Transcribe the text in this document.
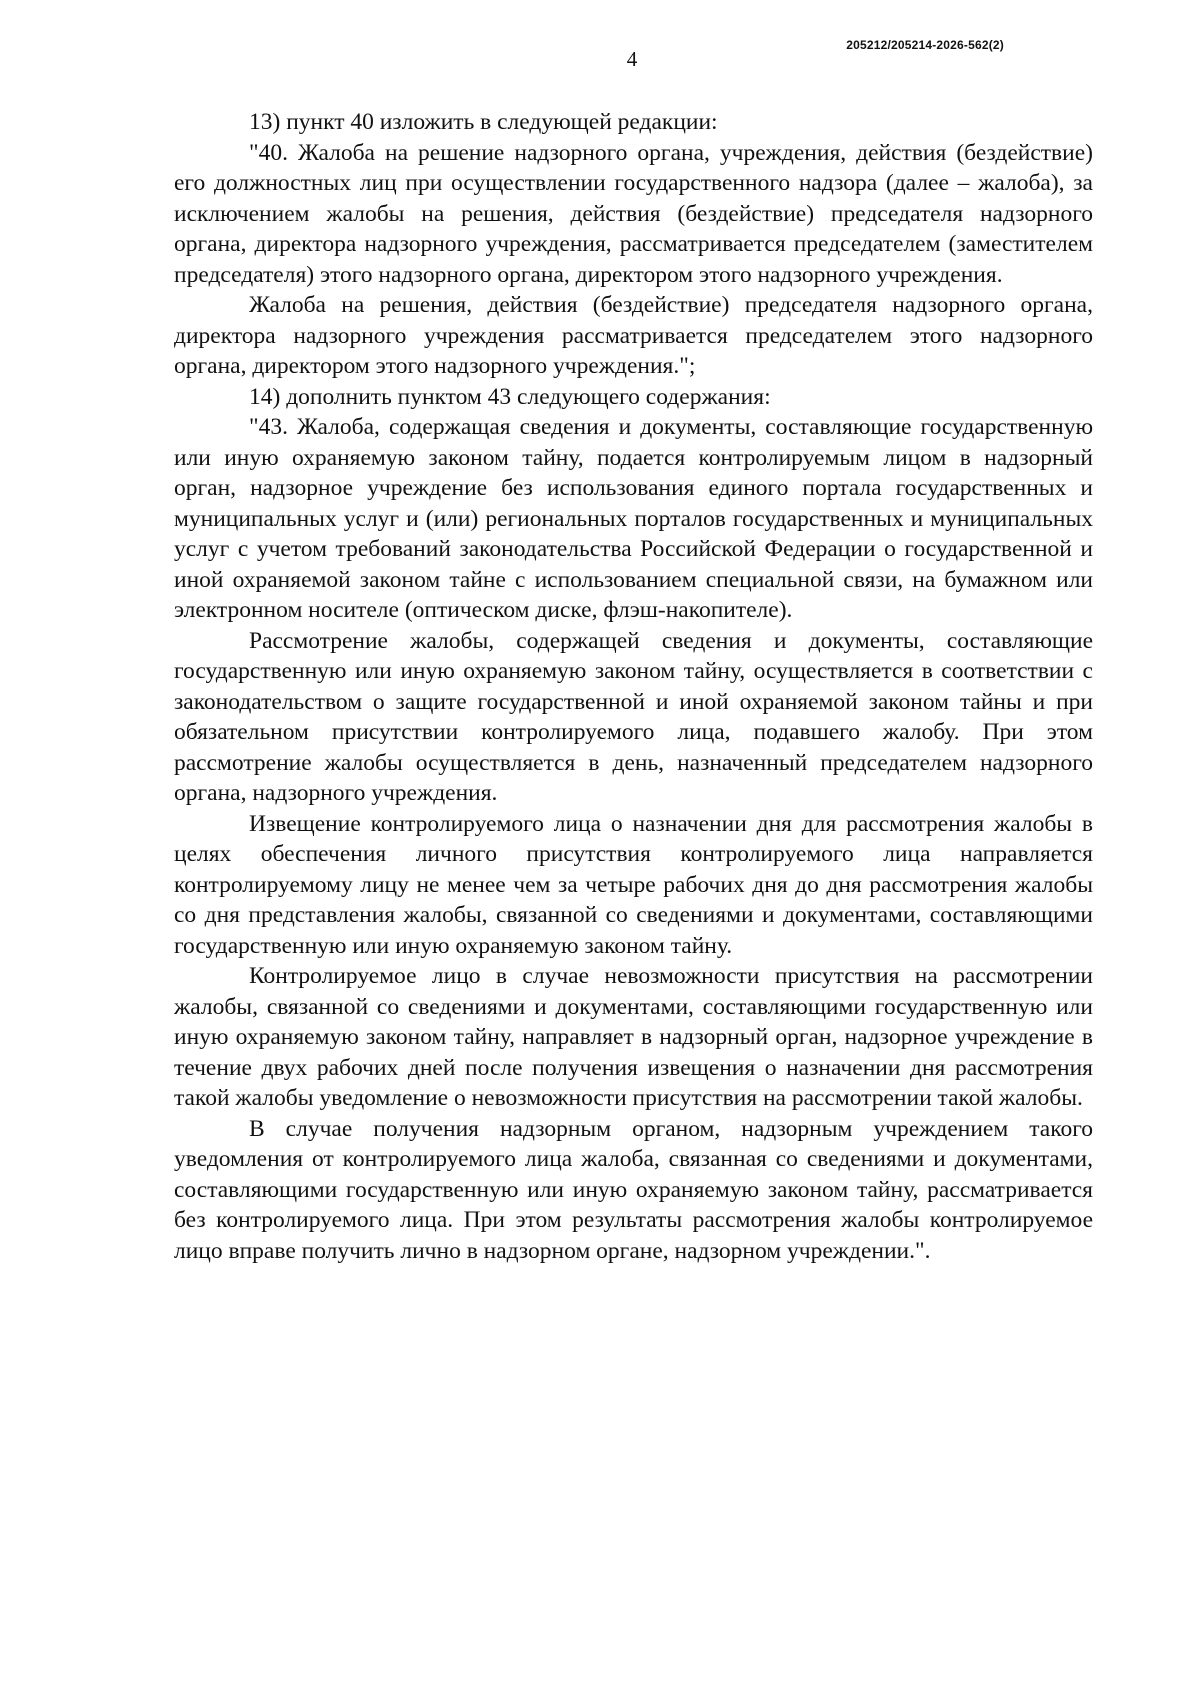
205212/205214-2026-562(2)
4

13) пункт 40 изложить в следующей редакции:

"40. Жалоба на решение надзорного органа, учреждения, действия (бездействие) его должностных лиц при осуществлении государственного надзора (далее – жалоба), за исключением жалобы на решения, действия (бездействие) председателя надзорного органа, директора надзорного учреждения, рассматривается председателем (заместителем председателя) этого надзорного органа, директором этого надзорного учреждения.

Жалоба на решения, действия (бездействие) председателя надзорного органа, директора надзорного учреждения рассматривается председателем этого надзорного органа, директором этого надзорного учреждения.";

14) дополнить пунктом 43 следующего содержания:

"43. Жалоба, содержащая сведения и документы, составляющие государственную или иную охраняемую законом тайну, подается контролируемым лицом в надзорный орган, надзорное учреждение без использования единого портала государственных и муниципальных услуг и (или) региональных порталов государственных и муниципальных услуг с учетом требований законодательства Российской Федерации о государственной и иной охраняемой законом тайне с использованием специальной связи, на бумажном или электронном носителе (оптическом диске, флэш-накопителе).

Рассмотрение жалобы, содержащей сведения и документы, составляющие государственную или иную охраняемую законом тайну, осуществляется в соответствии с законодательством о защите государственной и иной охраняемой законом тайны и при обязательном присутствии контролируемого лица, подавшего жалобу. При этом рассмотрение жалобы осуществляется в день, назначенный председателем надзорного органа, надзорного учреждения.

Извещение контролируемого лица о назначении дня для рассмотрения жалобы в целях обеспечения личного присутствия контролируемого лица направляется контролируемому лицу не менее чем за четыре рабочих дня до дня рассмотрения жалобы со дня представления жалобы, связанной со сведениями и документами, составляющими государственную или иную охраняемую законом тайну.

Контролируемое лицо в случае невозможности присутствия на рассмотрении жалобы, связанной со сведениями и документами, составляющими государственную или иную охраняемую законом тайну, направляет в надзорный орган, надзорное учреждение в течение двух рабочих дней после получения извещения о назначении дня рассмотрения такой жалобы уведомление о невозможности присутствия на рассмотрении такой жалобы.

В случае получения надзорным органом, надзорным учреждением такого уведомления от контролируемого лица жалоба, связанная со сведениями и документами, составляющими государственную или иную охраняемую законом тайну, рассматривается без контролируемого лица. При этом результаты рассмотрения жалобы контролируемое лицо вправе получить лично в надзорном органе, надзорном учреждении.".
